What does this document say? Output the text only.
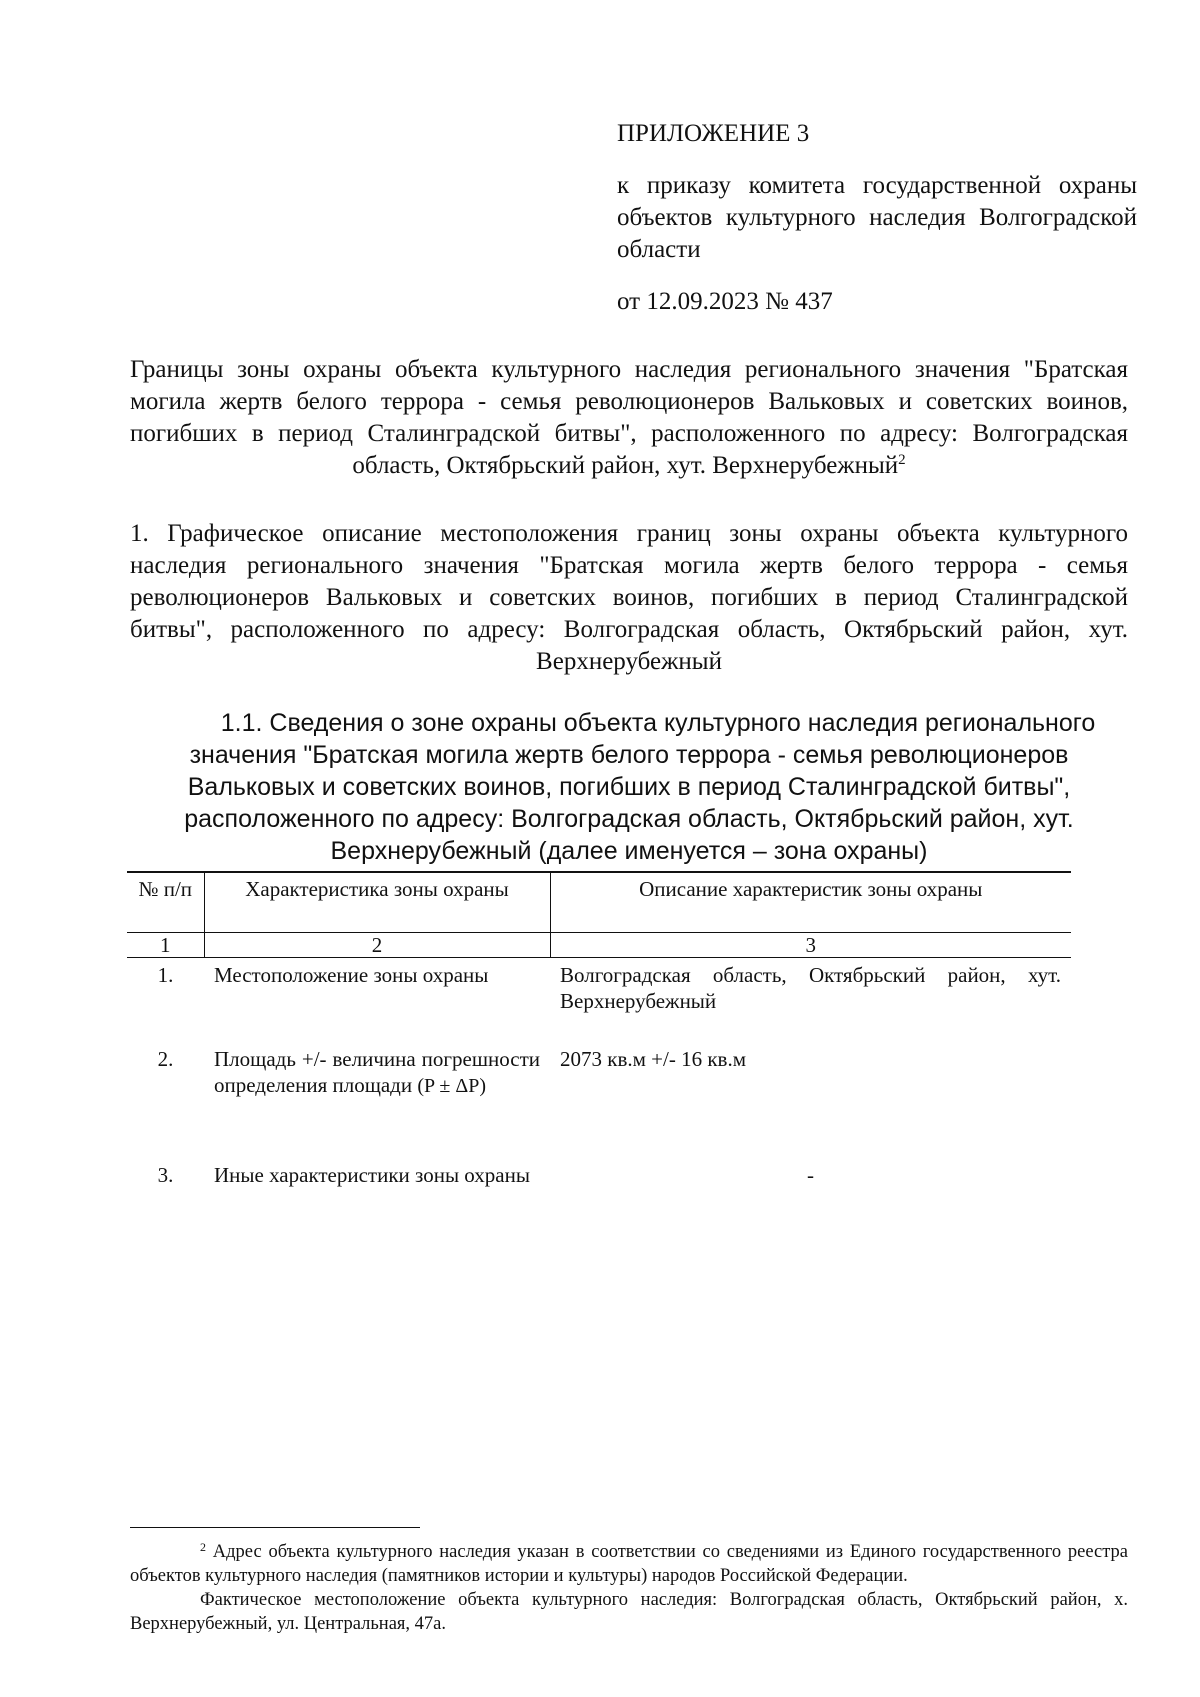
ПРИЛОЖЕНИЕ 3

к приказу комитета государственной охраны объектов культурного наследия Волгоградской области

от 12.09.2023 № 437

Границы зоны охраны объекта культурного наследия регионального значения "Братская могила жертв белого террора - семья революционеров Вальковых и советских воинов, погибших в период Сталинградской битвы", расположенного по адресу: Волгоградская область, Октябрьский район, хут. Верхнерубежный$^2$
1. Графическое описание местоположения границ зоны охраны объекта культурного наследия регионального значения "Братская могила жертв белого террора - семья революционеров Вальковых и советских воинов, погибших в период Сталинградской битвы", расположенного по адресу: Волгоградская область, Октябрьский район, хут. Верхнерубежный
1.1. Сведения о зоне охраны объекта культурного наследия регионального значения "Братская могила жертв белого террора - семья революционеров Вальковых и советских воинов, погибших в период Сталинградской битвы", расположенного по адресу: Волгоградская область, Октябрьский район, хут. Верхнерубежный (далее именуется – зона охраны)
№ п/п	Характеристика зоны охраны	Описание характеристик зоны охраны
1	2	3
1.	Местоположение зоны охраны	Волгоградская область, Октябрьский район, хут. Верхнерубежный
2.	Площадь +/- величина погрешности определения площади (P ± ΔP)	2073 кв.м +/- 16 кв.м
3.	Иные характеристики зоны охраны	-

$^2$ Адрес объекта культурного наследия указан в соответствии со сведениями из Единого государственного реестра объектов культурного наследия (памятников истории и культуры) народов Российской Федерации.

Фактическое местоположение объекта культурного наследия: Волгоградская область, Октябрьский район, х. Верхнерубежный, ул. Центральная, 47а.
